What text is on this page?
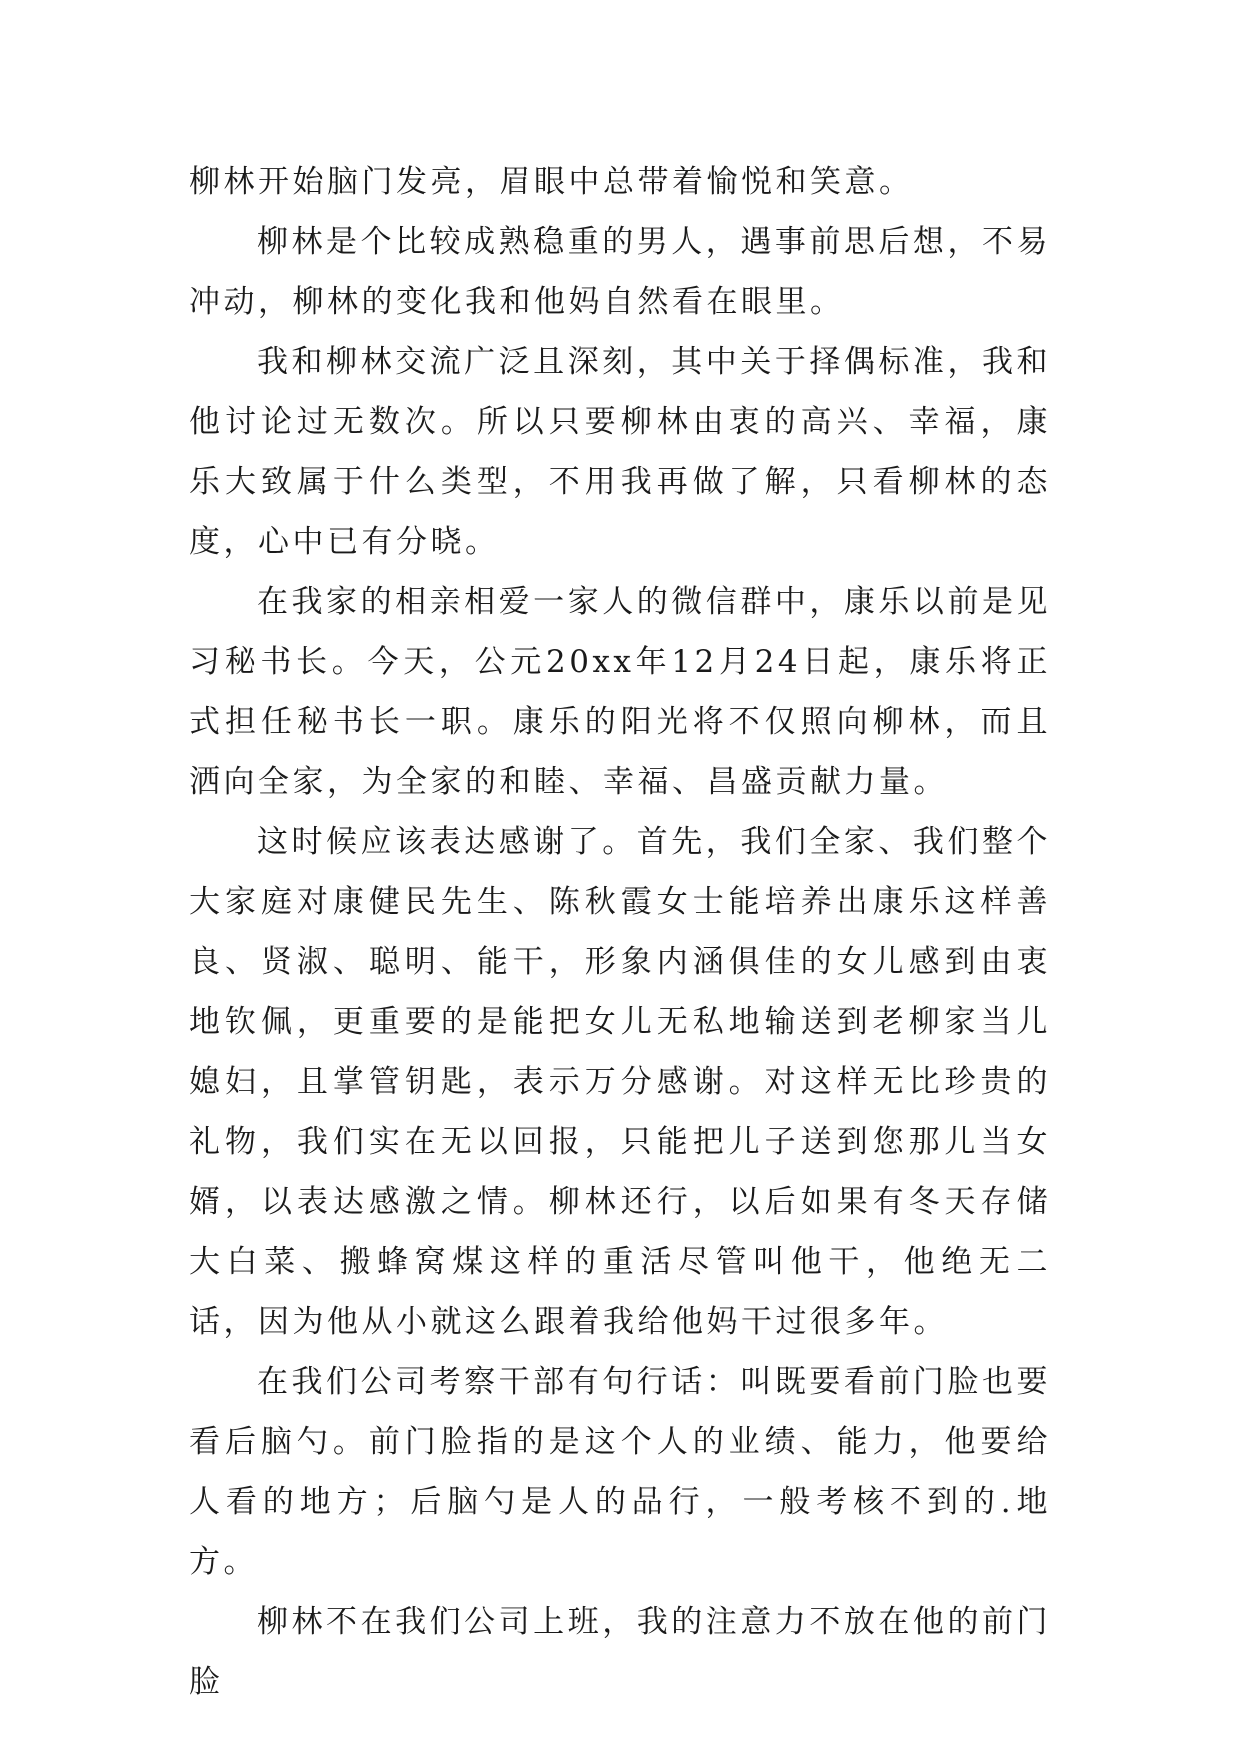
柳林开始脑门发亮，眉眼中总带着愉悦和笑意。

柳林是个比较成熟稳重的男人，遇事前思后想，不易冲动，柳林的变化我和他妈自然看在眼里。

我和柳林交流广泛且深刻，其中关于择偶标准，我和他讨论过无数次。所以只要柳林由衷的高兴、幸福，康乐大致属于什么类型，不用我再做了解，只看柳林的态度，心中已有分晓。

在我家的相亲相爱一家人的微信群中，康乐以前是见习秘书长。今天，公元20xx年12月24日起，康乐将正式担任秘书长一职。康乐的阳光将不仅照向柳林，而且洒向全家，为全家的和睦、幸福、昌盛贡献力量。

这时候应该表达感谢了。首先，我们全家、我们整个大家庭对康健民先生、陈秋霞女士能培养出康乐这样善良、贤淑、聪明、能干，形象内涵俱佳的女儿感到由衷地钦佩，更重要的是能把女儿无私地输送到老柳家当儿媳妇，且掌管钥匙，表示万分感谢。对这样无比珍贵的礼物，我们实在无以回报，只能把儿子送到您那儿当女婿，以表达感激之情。柳林还行，以后如果有冬天存储大白菜、搬蜂窝煤这样的重活尽管叫他干，他绝无二话，因为他从小就这么跟着我给他妈干过很多年。

在我们公司考察干部有句行话：叫既要看前门脸也要看后脑勺。前门脸指的是这个人的业绩、能力，他要给人看的地方；后脑勺是人的品行，一般考核不到的.地方。

柳林不在我们公司上班，我的注意力不放在他的前门脸
